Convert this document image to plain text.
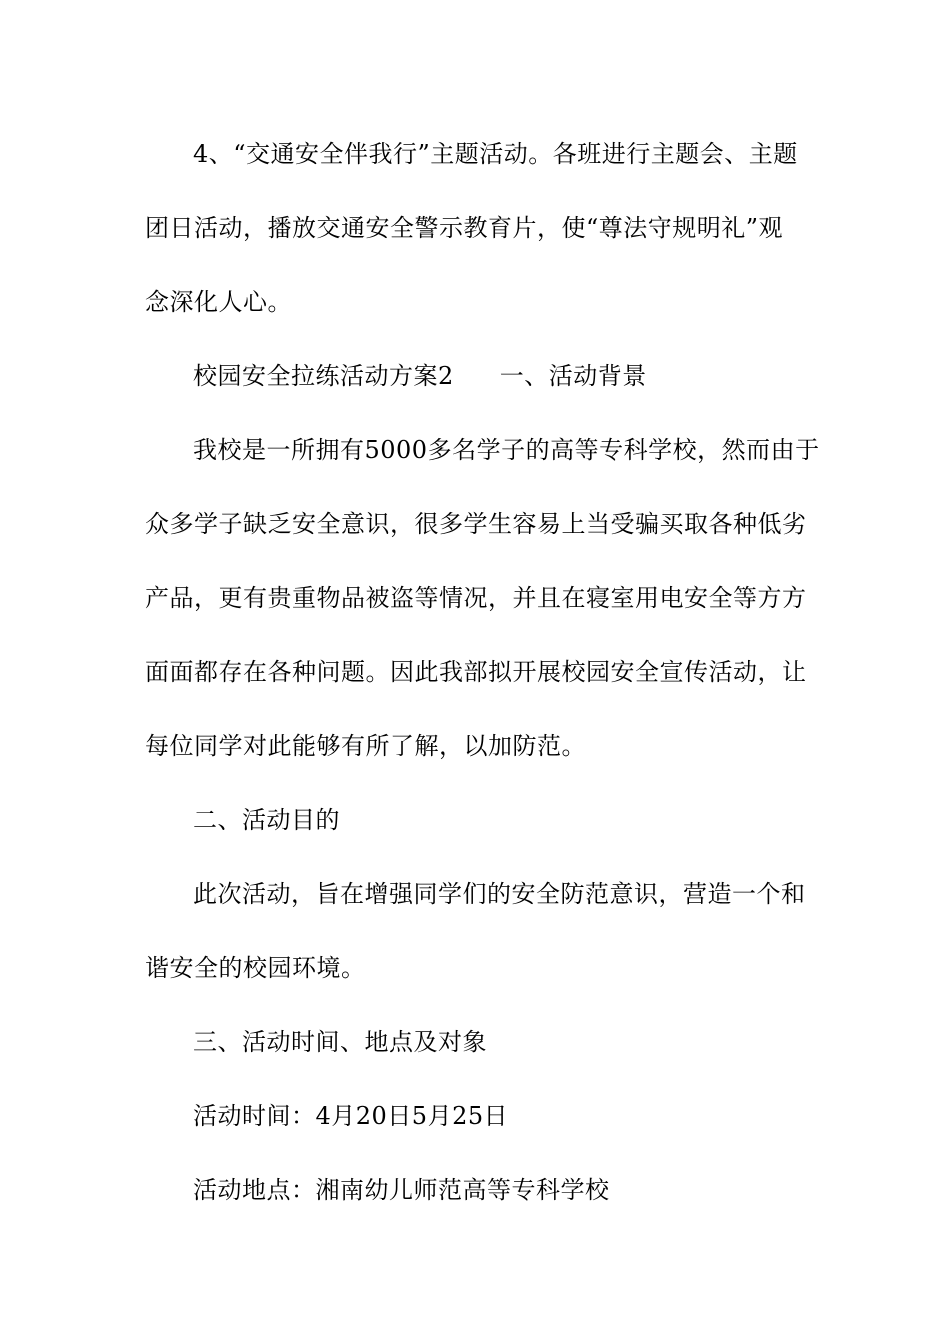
4、“交通安全伴我行”主题活动。各班进行主题会、主题
团日活动，播放交通安全警示教育片，使“尊法守规明礼”观
念深化人心。
校园安全拉练活动方案2 一、活动背景
我校是一所拥有5000多名学子的高等专科学校，然而由于
众多学子缺乏安全意识，很多学生容易上当受骗买取各种低劣
产品，更有贵重物品被盗等情况，并且在寝室用电安全等方方
面面都存在各种问题。因此我部拟开展校园安全宣传活动，让
每位同学对此能够有所了解，以加防范。
二、活动目的
此次活动，旨在增强同学们的安全防范意识，营造一个和
谐安全的校园环境。
三、活动时间、地点及对象
活动时间：4月20日5月25日
活动地点：湘南幼儿师范高等专科学校
